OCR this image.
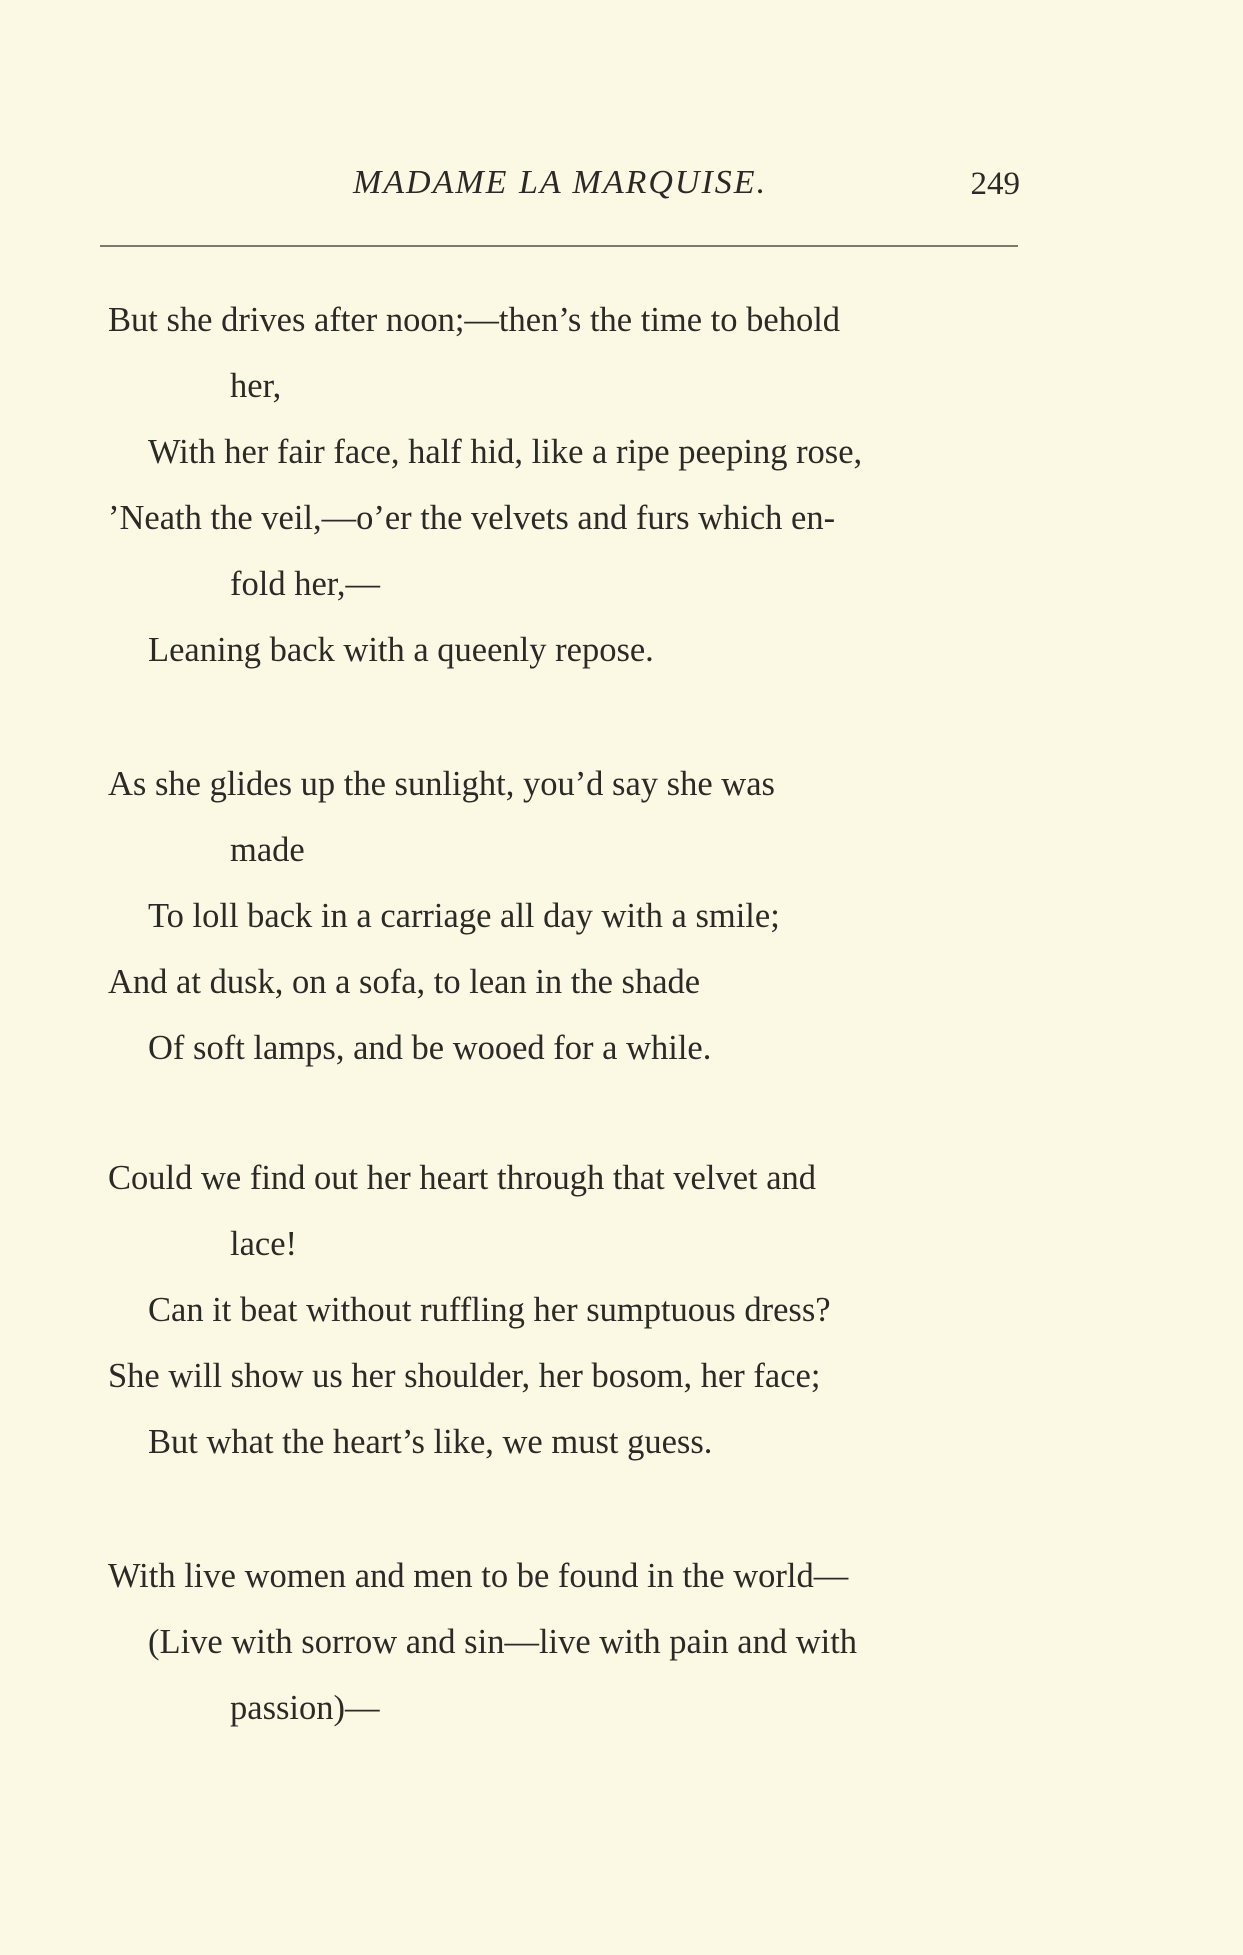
MADAME LA MARQUISE.	249
But she drives after noon;—then’s the time to behold
her,
With her fair face, half hid, like a ripe peeping rose,
’Neath the veil,—o’er the velvets and furs which en-
fold her,—
Leaning back with a queenly repose.
As she glides up the sunlight, you’d say she was
made
To loll back in a carriage all day with a smile;
And at dusk, on a sofa, to lean in the shade
Of soft lamps, and be wooed for a while.
Could we find out her heart through that velvet and
lace!
Can it beat without ruffling her sumptuous dress?
She will show us her shoulder, her bosom, her face;
But what the heart’s like, we must guess.
With live women and men to be found in the world—
(Live with sorrow and sin—live with pain and with
passion)—
